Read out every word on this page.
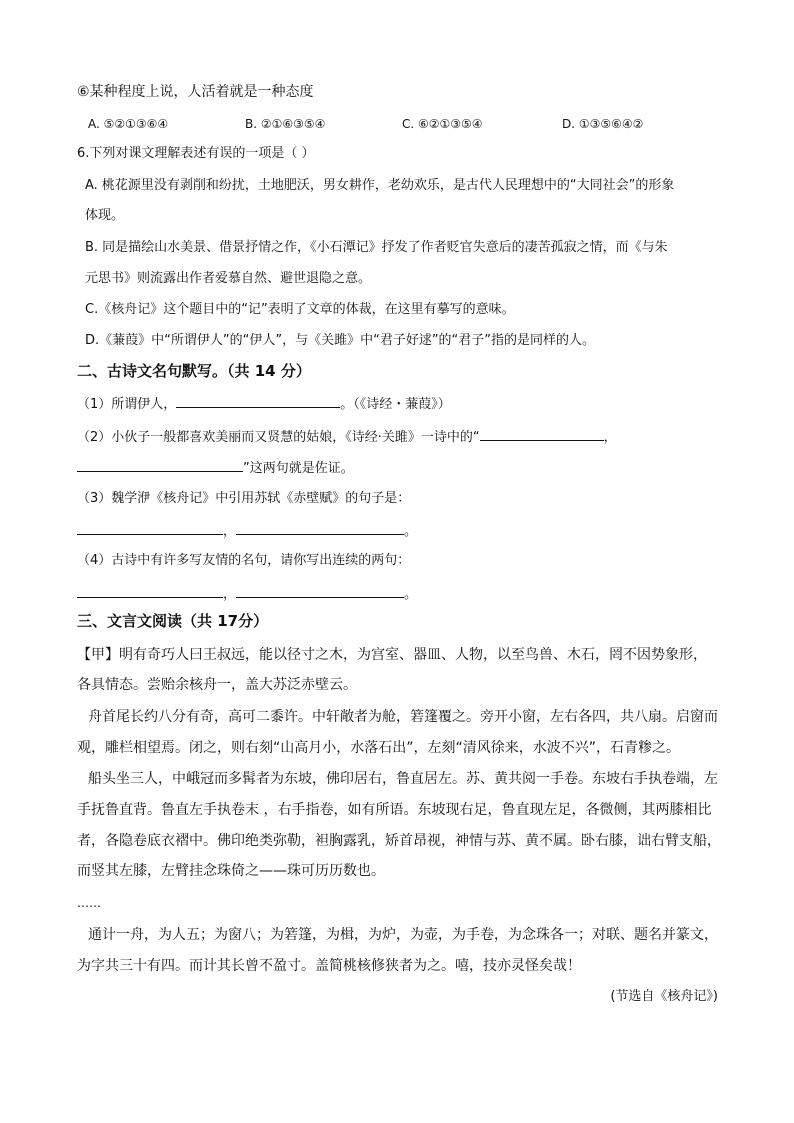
⑥某种程度上说，人活着就是一种态度
A. ⑤②①③⑥④	B. ②①⑥③⑤④	C. ⑥②①③⑤④	D. ①③⑤⑥④②
6.下列对课文理解表述有误的一项是（ ）
A. 桃花源里没有剥削和纷扰，土地肥沃，男女耕作，老幼欢乐，是古代人民理想中的“大同社会”的形象
体现。
B. 同是描绘山水美景、借景抒情之作，《小石潭记》抒发了作者贬官失意后的凄苦孤寂之情，而《与朱
元思书》则流露出作者爱慕自然、避世退隐之意。
C.《核舟记》这个题目中的“记”表明了文章的体裁，在这里有摹写的意味。
D.《蒹葭》中“所谓伊人”的“伊人”，与《关雎》中“君子好逑”的“君子”指的是同样的人。
二、古诗文名句默写。（共 14 分）
（1）所谓伊人，	。（《诗经・蒹葭》）
（2）小伙子一般都喜欢美丽而又贤慧的姑娘，《诗经·关雎》一诗中的“	，
”这两句就是佐证。
（3）魏学洢《核舟记》中引用苏轼《赤壁赋》的句子是：
，	。
（4）古诗中有许多写友情的名句，请你写出连续的两句：
，	。
三、文言文阅读（共 17分）
【甲】明有奇巧人曰王叔远，能以径寸之木，为宫室、器皿、人物，以至鸟兽、木石，罔不因势象形，
各具情态。尝贻余核舟一，盖大苏泛赤壁云。
舟首尾长约八分有奇，高可二黍许。中轩敞者为舱，箬篷覆之。旁开小窗，左右各四，共八扇。启窗而
观，雕栏相望焉。闭之，则右刻“山高月小，水落石出”，左刻“清风徐来，水波不兴”，石青糁之。
船头坐三人，中峨冠而多髯者为东坡，佛印居右，鲁直居左。苏、黄共阅一手卷。东坡右手执卷端，左
手抚鲁直背。鲁直左手执卷末 ，右手指卷，如有所语。东坡现右足，鲁直现左足，各微侧，其两膝相比
者，各隐卷底衣褶中。佛印绝类弥勒，袒胸露乳，矫首昂视，神情与苏、黄不属。卧右膝，诎右臂支船，
而竖其左膝，左臂挂念珠倚之——珠可历历数也。
……
通计一舟，为人五；为窗八；为箬篷，为楫，为炉，为壶，为手卷，为念珠各一；对联、题名并篆文，
为字共三十有四。而计其长曾不盈寸。盖简桃核修狭者为之。嘻，技亦灵怪矣哉！
(节选自《核舟记》)
